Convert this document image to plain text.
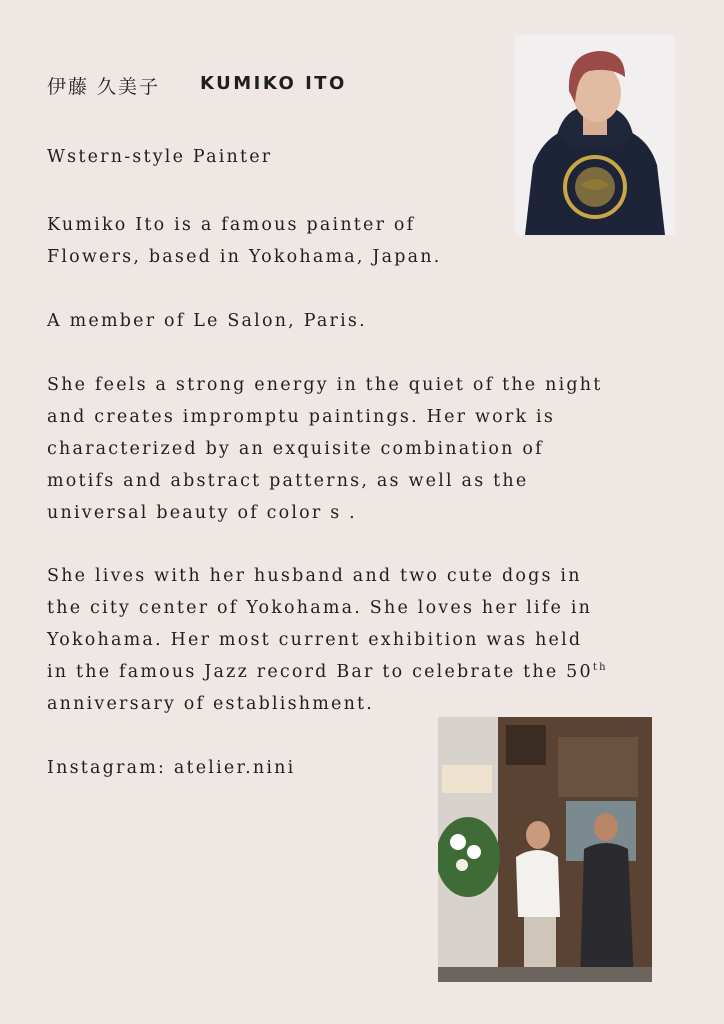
伊藤 久美子 KUMIKO ITO
Wstern-style Painter
Kumiko Ito is a famous painter of
Flowers, based in Yokohama, Japan.
A member of Le Salon, Paris.
She feels a strong energy in the quiet of the night
and creates impromptu paintings. Her work is
characterized by an exquisite combination of
motifs and abstract patterns, as well as the
universal beauty of color s .
She lives with her husband and two cute dogs in
the city center of Yokohama. She loves her life in
Yokohama. Her most current exhibition was held
in the famous Jazz record Bar to celebrate the 50th
anniversary of establishment.
Instagram: atelier.nini
